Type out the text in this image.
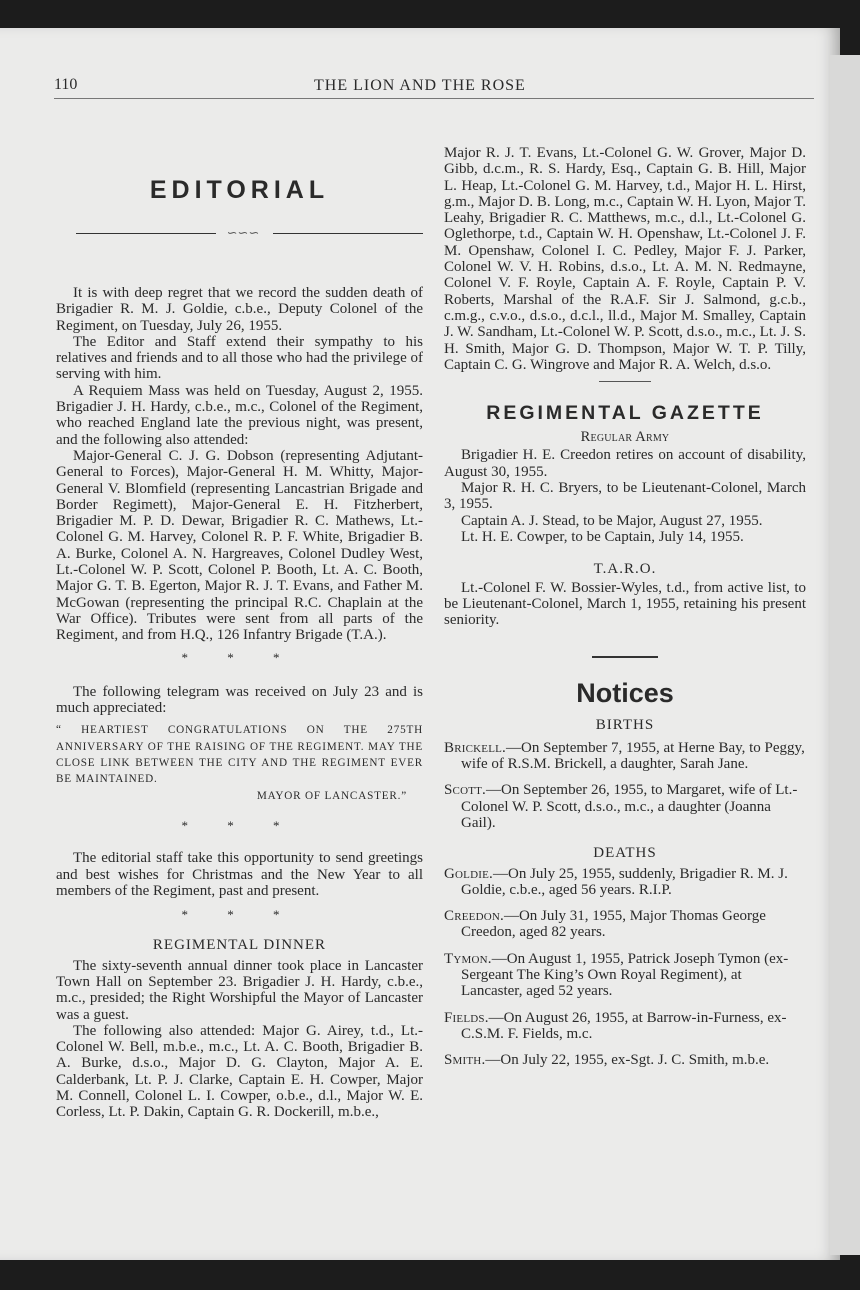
110	THE LION AND THE ROSE
EDITORIAL
∽∽∽

It is with deep regret that we record the sudden death of Brigadier R. M. J. Goldie, c.b.e., Deputy Colonel of the Regiment, on Tuesday, July 26, 1955.

The Editor and Staff extend their sympathy to his relatives and friends and to all those who had the privilege of serving with him.

A Requiem Mass was held on Tuesday, August 2, 1955. Brigadier J. H. Hardy, c.b.e., m.c., Colonel of the Regiment, who reached England late the previous night, was present, and the following also attended:

Major-General C. J. G. Dobson (representing Adjutant-General to Forces), Major-General H. M. Whitty, Major-General V. Blomfield (representing Lancastrian Brigade and Border Regimett), Major-General E. H. Fitzherbert, Brigadier M. P. D. Dewar, Brigadier R. C. Mathews, Lt.-Colonel G. M. Harvey, Colonel R. P. F. White, Brigadier B. A. Burke, Colonel A. N. Hargreaves, Colonel Dudley West, Lt.-Colonel W. P. Scott, Colonel P. Booth, Lt. A. C. Booth, Major G. T. B. Egerton, Major R. J. T. Evans, and Father M. McGowan (representing the principal R.C. Chaplain at the War Office). Tributes were sent from all parts of the Regiment, and from H.Q., 126 Infantry Brigade (T.A.).

* * *

The following telegram was received on July 23 and is much appreciated:

“ HEARTIEST CONGRATULATIONS ON THE 275TH ANNIVERSARY OF THE RAISING OF THE REGIMENT. MAY THE CLOSE LINK BETWEEN THE CITY AND THE REGIMENT EVER BE MAINTAINED.

MAYOR OF LANCASTER.”

* * *

The editorial staff take this opportunity to send greetings and best wishes for Christmas and the New Year to all members of the Regiment, past and present.

* * *

REGIMENTAL DINNER

The sixty-seventh annual dinner took place in Lancaster Town Hall on September 23. Brigadier J. H. Hardy, c.b.e., m.c., presided; the Right Worshipful the Mayor of Lancaster was a guest.

The following also attended: Major G. Airey, t.d., Lt.-Colonel W. Bell, m.b.e., m.c., Lt. A. C. Booth, Brigadier B. A. Burke, d.s.o., Major D. G. Clayton, Major A. E. Calderbank, Lt. P. J. Clarke, Captain E. H. Cowper, Major M. Connell, Colonel L. I. Cowper, o.b.e., d.l., Major W. E. Corless, Lt. P. Dakin, Captain G. R. Dockerill, m.b.e.,

Major R. J. T. Evans, Lt.-Colonel G. W. Grover, Major D. Gibb, d.c.m., R. S. Hardy, Esq., Captain G. B. Hill, Major L. Heap, Lt.-Colonel G. M. Harvey, t.d., Major H. L. Hirst, g.m., Major D. B. Long, m.c., Captain W. H. Lyon, Major T. Leahy, Brigadier R. C. Matthews, m.c., d.l., Lt.-Colonel G. Oglethorpe, t.d., Captain W. H. Openshaw, Lt.-Colonel J. F. M. Openshaw, Colonel I. C. Pedley, Major F. J. Parker, Colonel W. V. H. Robins, d.s.o., Lt. A. M. N. Redmayne, Colonel V. F. Royle, Captain A. F. Royle, Captain P. V. Roberts, Marshal of the R.A.F. Sir J. Salmond, g.c.b., c.m.g., c.v.o., d.s.o., d.c.l., ll.d., Major M. Smalley, Captain J. W. Sandham, Lt.-Colonel W. P. Scott, d.s.o., m.c., Lt. J. S. H. Smith, Major G. D. Thompson, Major W. T. P. Tilly, Captain C. G. Wingrove and Major R. A. Welch, d.s.o.

REGIMENTAL GAZETTE

Regular Army

Brigadier H. E. Creedon retires on account of disability, August 30, 1955.

Major R. H. C. Bryers, to be Lieutenant-Colonel, March 3, 1955.

Captain A. J. Stead, to be Major, August 27, 1955.

Lt. H. E. Cowper, to be Captain, July 14, 1955.

T.A.R.O.

Lt.-Colonel F. W. Bossier-Wyles, t.d., from active list, to be Lieutenant-Colonel, March 1, 1955, retaining his present seniority.

Notices

BIRTHS

Brickell.—On September 7, 1955, at Herne Bay, to Peggy, wife of R.S.M. Brickell, a daughter, Sarah Jane.

Scott.—On September 26, 1955, to Margaret, wife of Lt.-Colonel W. P. Scott, d.s.o., m.c., a daughter (Joanna Gail).

DEATHS

Goldie.—On July 25, 1955, suddenly, Brigadier R. M. J. Goldie, c.b.e., aged 56 years. R.I.P.

Creedon.—On July 31, 1955, Major Thomas George Creedon, aged 82 years.

Tymon.—On August 1, 1955, Patrick Joseph Tymon (ex-Sergeant The King’s Own Royal Regiment), at Lancaster, aged 52 years.

Fields.—On August 26, 1955, at Barrow-in-Furness, ex-C.S.M. F. Fields, m.c.

Smith.—On July 22, 1955, ex-Sgt. J. C. Smith, m.b.e.
